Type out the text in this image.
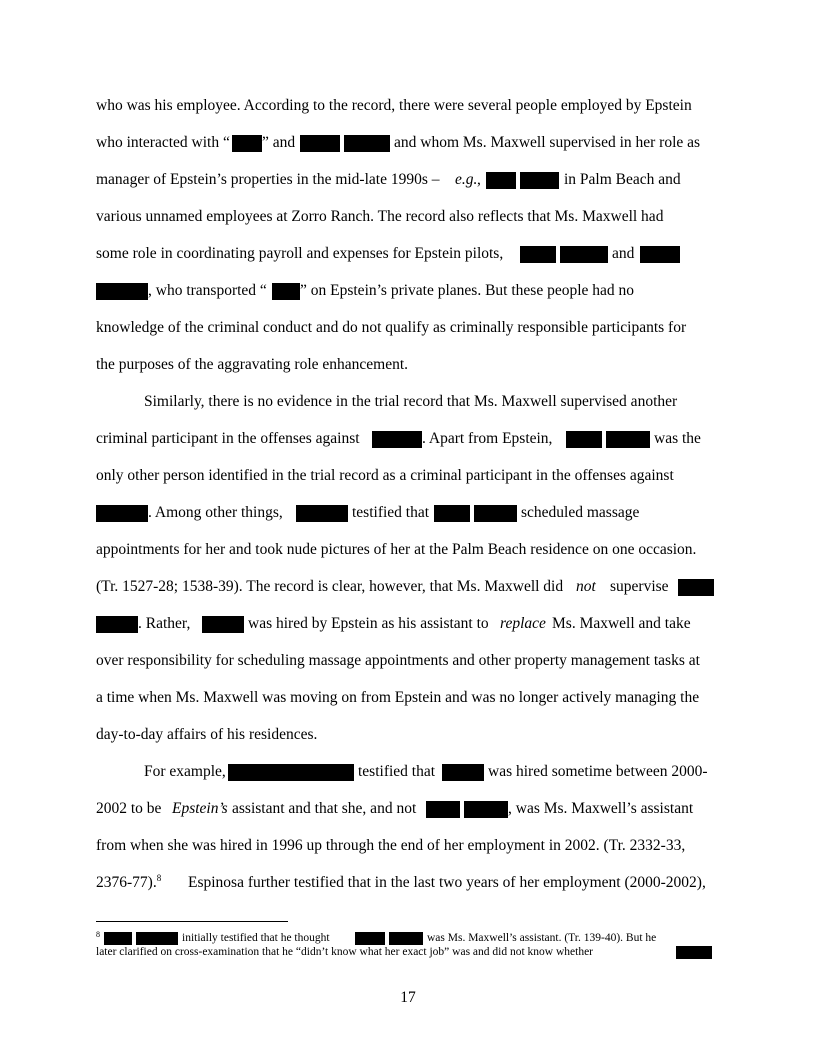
who was his employee. According to the record, there were several people employed by Epstein
who interacted with “ ” and	and whom Ms. Maxwell supervised in her role as
manager of Epstein’s properties in the mid-late 1990s – e.g. ,	in Palm Beach and
various unnamed employees at Zorro Ranch. The record also reflects that Ms. Maxwell had
some role in coordinating payroll and expenses for Epstein pilots,	and
, who transported “ ” on Epstein’s private planes. But these people had no
knowledge of the criminal conduct and do not qualify as criminally responsible participants for
the purposes of the aggravating role enhancement.
Similarly, there is no evidence in the trial record that Ms. Maxwell supervised another
criminal participant in the offenses against	. Apart from Epstein,	was the
only other person identified in the trial record as a criminal participant in the offenses against
. Among other things,	testified that	scheduled massage
appointments for her and took nude pictures of her at the Palm Beach residence on one occasion.
(Tr. 1527-28; 1538-39). The record is clear, however, that Ms. Maxwell did not supervise
. Rather,	was hired by Epstein as his assistant to replace Ms. Maxwell and take
over responsibility for scheduling massage appointments and other property management tasks at
a time when Ms. Maxwell was moving on from Epstein and was no longer actively managing the
day-to-day affairs of his residences.
For example,	testified that	was hired sometime between 2000-
2002 to be Epstein’s assistant and that she, and not	, was Ms. Maxwell’s assistant
from when she was hired in 1996 up through the end of her employment in 2002. (Tr. 2332-33,
2376-77).$^8$ Espinosa further testified that in the last two years of her employment (2000-2002),
8	initially testified that he thought	was Ms. Maxwell’s assistant. (Tr. 139-40). But he
later clarified on cross-examination that he “didn’t know what her exact job” was and did not know whether
17
